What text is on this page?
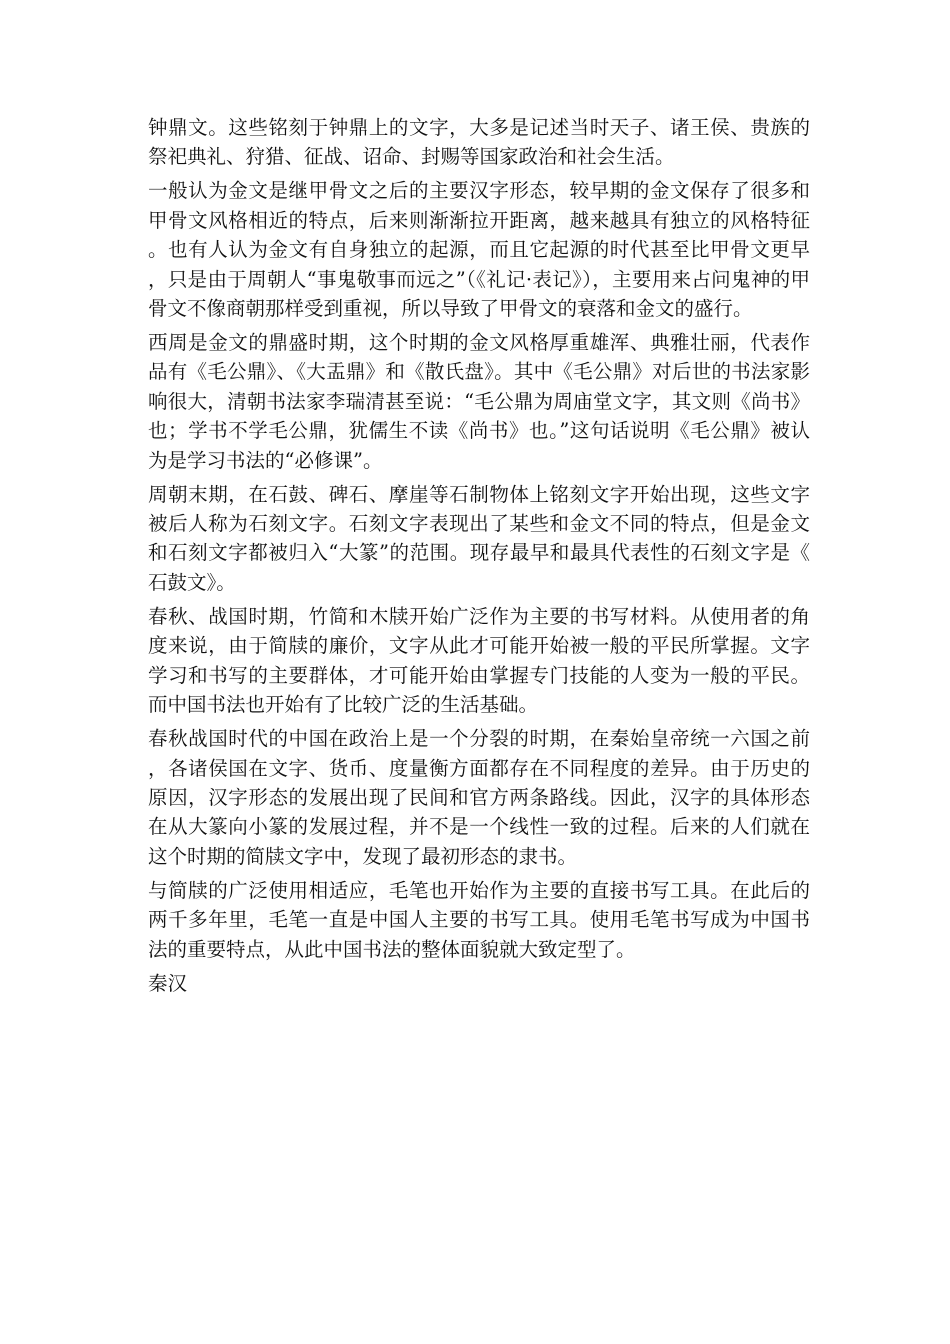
钟鼎文。这些铭刻于钟鼎上的文字，大多是记述当时天子、诸王侯、贵族的祭祀典礼、狩猎、征战、诏命、封赐等国家政治和社会生活。

一般认为金文是继甲骨文之后的主要汉字形态，较早期的金文保存了很多和甲骨文风格相近的特点，后来则渐渐拉开距离，越来越具有独立的风格特征。也有人认为金文有自身独立的起源，而且它起源的时代甚至比甲骨文更早，只是由于周朝人“事鬼敬事而远之”（《礼记·表记》），主要用来占问鬼神的甲骨文不像商朝那样受到重视，所以导致了甲骨文的衰落和金文的盛行。

西周是金文的鼎盛时期，这个时期的金文风格厚重雄浑、典雅壮丽，代表作品有《毛公鼎》、《大盂鼎》和《散氏盘》。其中《毛公鼎》对后世的书法家影响很大，清朝书法家李瑞清甚至说：“毛公鼎为周庙堂文字，其文则《尚书》也；学书不学毛公鼎，犹儒生不读《尚书》也。”这句话说明《毛公鼎》被认为是学习书法的“必修课”。

周朝末期，在石鼓、碑石、摩崖等石制物体上铭刻文字开始出现，这些文字被后人称为石刻文字。石刻文字表现出了某些和金文不同的特点，但是金文和石刻文字都被归入“大篆”的范围。现存最早和最具代表性的石刻文字是《石鼓文》。

春秋、战国时期，竹简和木牍开始广泛作为主要的书写材料。从使用者的角度来说，由于简牍的廉价，文字从此才可能开始被一般的平民所掌握。文字学习和书写的主要群体，才可能开始由掌握专门技能的人变为一般的平民。而中国书法也开始有了比较广泛的生活基础。

春秋战国时代的中国在政治上是一个分裂的时期，在秦始皇帝统一六国之前，各诸侯国在文字、货币、度量衡方面都存在不同程度的差异。由于历史的原因，汉字形态的发展出现了民间和官方两条路线。因此，汉字的具体形态在从大篆向小篆的发展过程，并不是一个线性一致的过程。后来的人们就在这个时期的简牍文字中，发现了最初形态的隶书。

与简牍的广泛使用相适应，毛笔也开始作为主要的直接书写工具。在此后的两千多年里，毛笔一直是中国人主要的书写工具。使用毛笔书写成为中国书法的重要特点，从此中国书法的整体面貌就大致定型了。

秦汉
